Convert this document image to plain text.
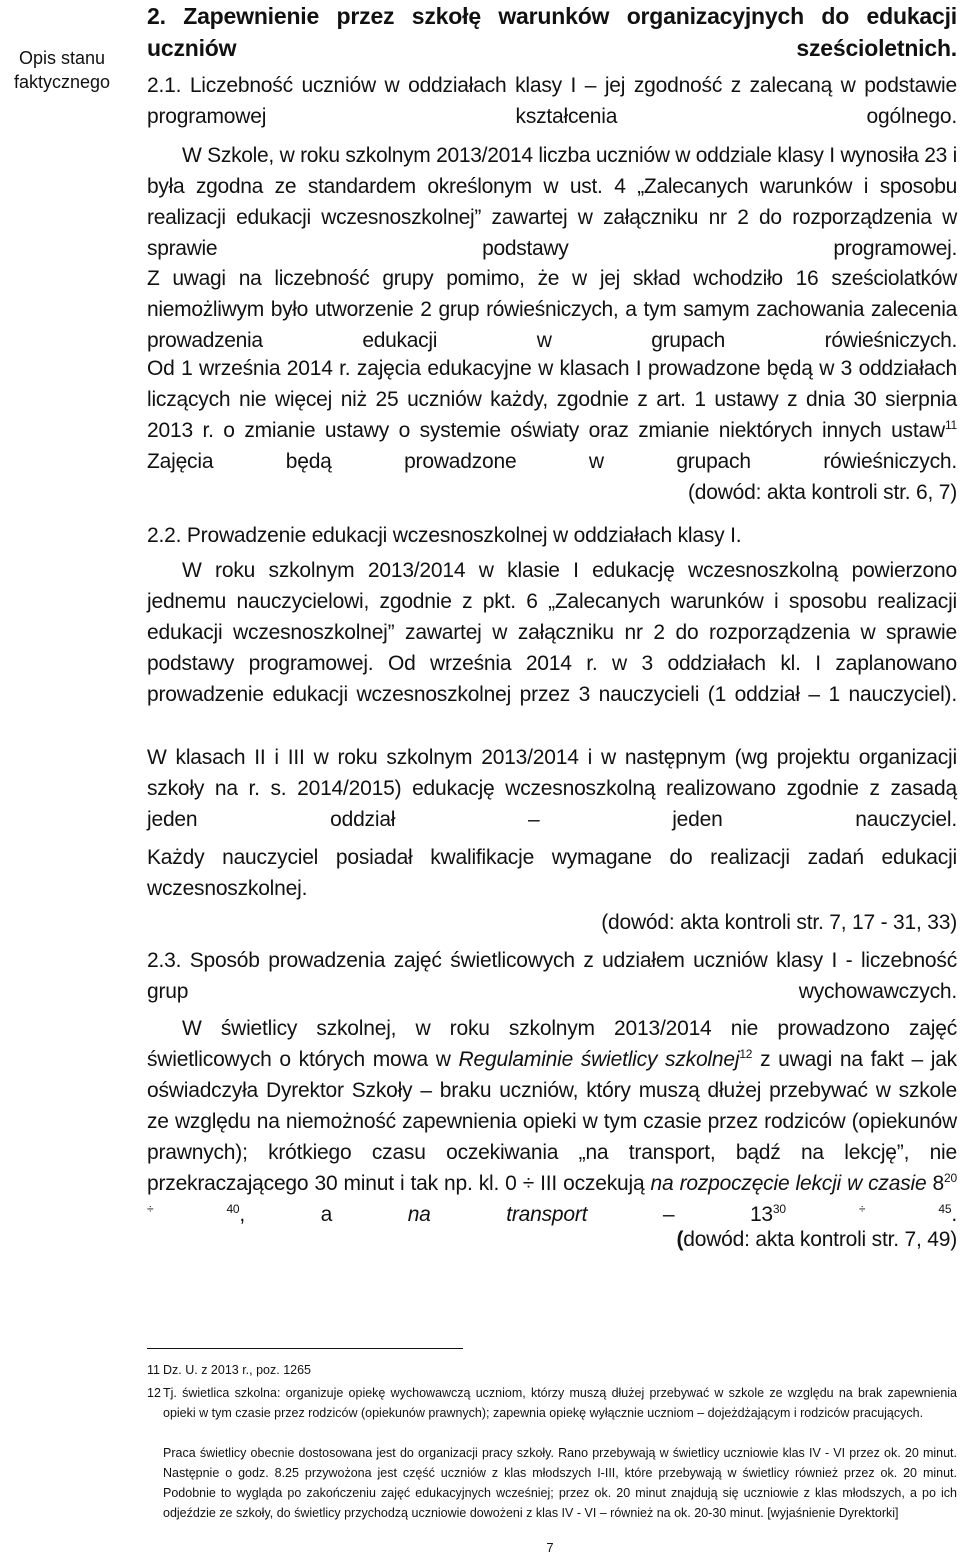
Opis stanu faktycznego
2. Zapewnienie przez szkołę warunków organizacyjnych do edukacji uczniów sześcioletnich.
2.1. Liczebność uczniów w oddziałach klasy I – jej zgodność z zalecaną w podstawie programowej kształcenia ogólnego.
W Szkole, w roku szkolnym 2013/2014 liczba uczniów w oddziale klasy I wynosiła 23 i była zgodna ze standardem określonym w ust. 4 „Zalecanych warunków i sposobu realizacji edukacji wczesnoszkolnej” zawartej w załączniku nr 2 do rozporządzenia w sprawie podstawy programowej.
Z uwagi na liczebność grupy pomimo, że w jej skład wchodziło 16 sześciolatków niemożliwym było utworzenie 2 grup rówieśniczych, a tym samym zachowania zalecenia prowadzenia edukacji w grupach rówieśniczych.
Od 1 września 2014 r. zajęcia edukacyjne w klasach I prowadzone będą w 3 oddziałach liczących nie więcej niż 25 uczniów każdy, zgodnie z art. 1 ustawy z dnia 30 sierpnia 2013 r. o zmianie ustawy o systemie oświaty oraz zmianie niektórych innych ustaw$^{11}$ Zajęcia będą prowadzone w grupach rówieśniczych.
(dowód: akta kontroli str. 6, 7)
2.2. Prowadzenie edukacji wczesnoszkolnej w oddziałach klasy I.
W roku szkolnym 2013/2014 w klasie I edukację wczesnoszkolną powierzono jednemu nauczycielowi, zgodnie z pkt. 6 „Zalecanych warunków i sposobu realizacji edukacji wczesnoszkolnej” zawartej w załączniku nr 2 do rozporządzenia w sprawie podstawy programowej. Od września 2014 r. w 3 oddziałach kl. I zaplanowano prowadzenie edukacji wczesnoszkolnej przez 3 nauczycieli (1 oddział – 1 nauczyciel).
W klasach II i III w roku szkolnym 2013/2014 i w następnym (wg projektu organizacji szkoły na r. s. 2014/2015) edukację wczesnoszkolną realizowano zgodnie z zasadą jeden oddział – jeden nauczyciel.
Każdy nauczyciel posiadał kwalifikacje wymagane do realizacji zadań edukacji wczesnoszkolnej.
(dowód: akta kontroli str. 7, 17 - 31, 33)
2.3. Sposób prowadzenia zajęć świetlicowych z udziałem uczniów klasy I - liczebność grup wychowawczych.
W świetlicy szkolnej, w roku szkolnym 2013/2014 nie prowadzono zajęć świetlicowych o których mowa w Regulaminie świetlicy szkolnej$^{12}$ z uwagi na fakt – jak oświadczyła Dyrektor Szkoły – braku uczniów, który muszą dłużej przebywać w szkole ze względu na niemożność zapewnienia opieki w tym czasie przez rodziców (opiekunów prawnych); krótkiego czasu oczekiwania „na transport, bądź na lekcję”, nie przekraczającego 30 minut i tak np. kl. 0 ÷ III oczekują na rozpoczęcie lekcji w czasie $8^{20 \div 40}$, a na transport – $13^{30 \div 45}$.
(dowód: akta kontroli str. 7, 49)
11 Dz. U. z 2013 r., poz. 1265
12 Tj. świetlica szkolna: organizuje opiekę wychowawczą uczniom, którzy muszą dłużej przebywać w szkole ze względu na brak zapewnienia opieki w tym czasie przez rodziców (opiekunów prawnych); zapewnia opiekę wyłącznie uczniom – dojeżdżającym i rodziców pracujących.
Praca świetlicy obecnie dostosowana jest do organizacji pracy szkoły. Rano przebywają w świetlicy uczniowie klas IV - VI przez ok. 20 minut. Następnie o godz. 8.25 przywożona jest część uczniów z klas młodszych I-III, które przebywają w świetlicy również przez ok. 20 minut. Podobnie to wygląda po zakończeniu zajęć edukacyjnych wcześniej; przez ok. 20 minut znajdują się uczniowie z klas młodszych, a po ich odjeździe ze szkoły, do świetlicy przychodzą uczniowie dowożeni z klas IV - VI – również na ok. 20-30 minut. [wyjaśnienie Dyrektorki]
7
